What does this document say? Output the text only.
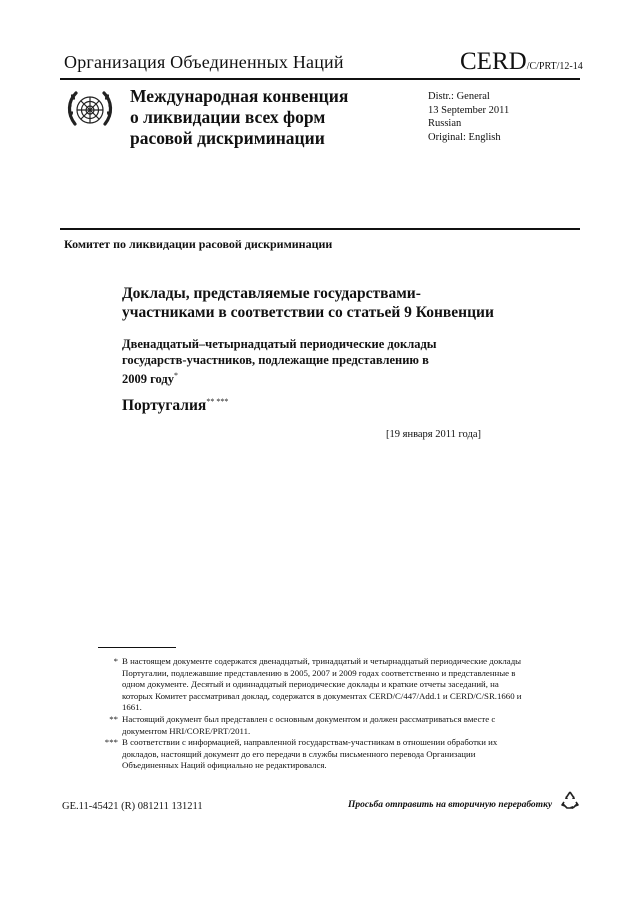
Организация Объединенных Наций	CERD/C/PRT/12-14
Международная конвенция
о ликвидации всех форм
расовой дискриминации
Distr.: General
13 September 2011
Russian
Original: English
Комитет по ликвидации расовой дискриминации
Доклады, представляемые государствами-
участниками в соответствии со статьей 9 Конвенции
Двенадцатый–четырнадцатый периодические доклады
государств-участников, подлежащие представлению в
2009 году*
Португалия** ***
[19 января 2011 года]
* В настоящем документе содержатся двенадцатый, тринадцатый и четырнадцатый периодические доклады Португалии, подлежавшие представлению в 2005, 2007 и 2009 годах соответственно и представленные в одном документе. Десятый и одиннадцатый периодические доклады и краткие отчеты заседаний, на которых Комитет рассматривал доклад, содержатся в документах CERD/C/447/Add.1 и CERD/C/SR.1660 и 1661.
** Настоящий документ был представлен с основным документом и должен рассматриваться вместе с документом HRI/CORE/PRT/2011.
*** В соответствии с информацией, направленной государствам-участникам в отношении обработки их докладов, настоящий документ до его передачи в службы письменного перевода Организации Объединенных Наций официально не редактировался.
GE.11-45421 (R) 081211 131211	Просьба отправить на вторичную переработку
